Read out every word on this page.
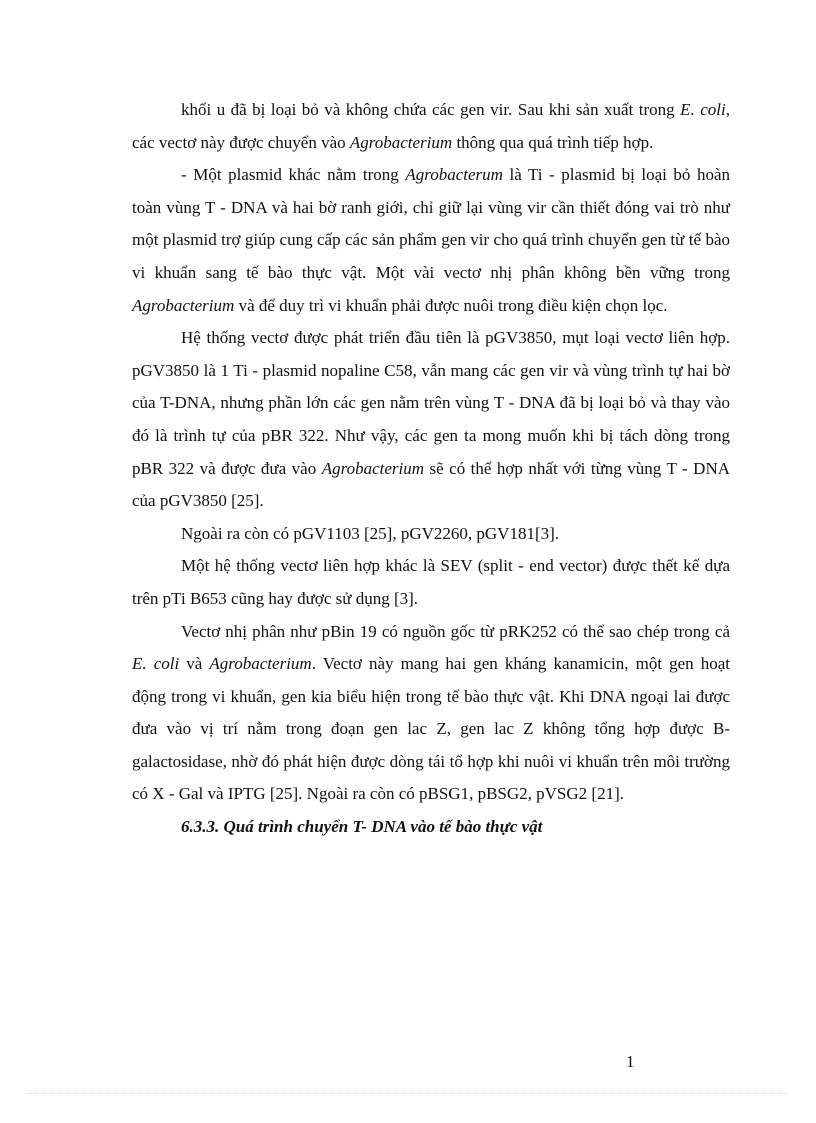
khối u đã bị loại bỏ và không chứa các gen vir. Sau khi sản xuất trong E. coli, các vectơ này được chuyển vào Agrobacterium thông qua quá trình tiếp hợp.

- Một plasmid khác nằm trong Agrobacterum là Ti - plasmid bị loại bỏ hoàn toàn vùng T - DNA và hai bờ ranh giới, chỉ giữ lại vùng vir cần thiết đóng vai trò như một plasmid trợ giúp cung cấp các sản phẩm gen vir cho quá trình chuyển gen từ tế bào vi khuẩn sang tế bào thực vật. Một vài vectơ nhị phân không bền vững trong Agrobacterium và để duy trì vi khuẩn phải được nuôi trong điều kiện chọn lọc.

Hệ thống vectơ được phát triển đầu tiên là pGV3850, mụt loại vectơ liên hợp. pGV3850 là 1 Ti - plasmid nopaline C58, vẫn mang các gen vir và vùng trình tự hai bờ của T-DNA, nhưng phần lớn các gen nằm trên vùng T - DNA đã bị loại bỏ và thay vào đó là trình tự của pBR 322. Như vậy, các gen ta mong muốn khi bị tách dòng trong pBR 322 và được đưa vào Agrobacterium sẽ có thể hợp nhất với từng vùng T - DNA của pGV3850 [25].

Ngoài ra còn có pGV1103 [25], pGV2260, pGV181[3].

Một hệ thống vectơ liên hợp khác là SEV (split - end vector) được thết kế dựa trên pTi B653 cũng hay được sử dụng [3].

Vectơ nhị phân như pBin 19 có nguồn gốc từ pRK252 có thể sao chép trong cả E. coli và Agrobacterium. Vectơ này mang hai gen kháng kanamicin, một gen hoạt động trong vi khuẩn, gen kia biểu hiện trong tế bào thực vật. Khi DNA ngoại lai được đưa vào vị trí nằm trong đoạn gen lac Z, gen lac Z không tổng hợp được B-galactosidase, nhờ đó phát hiện được dòng tái tổ hợp khi nuôi vi khuẩn trên môi trường có X - Gal và IPTG [25]. Ngoài ra còn có pBSG1, pBSG2, pVSG2 [21].

6.3.3. Quá trình chuyển T- DNA vào tế bào thực vật

1
